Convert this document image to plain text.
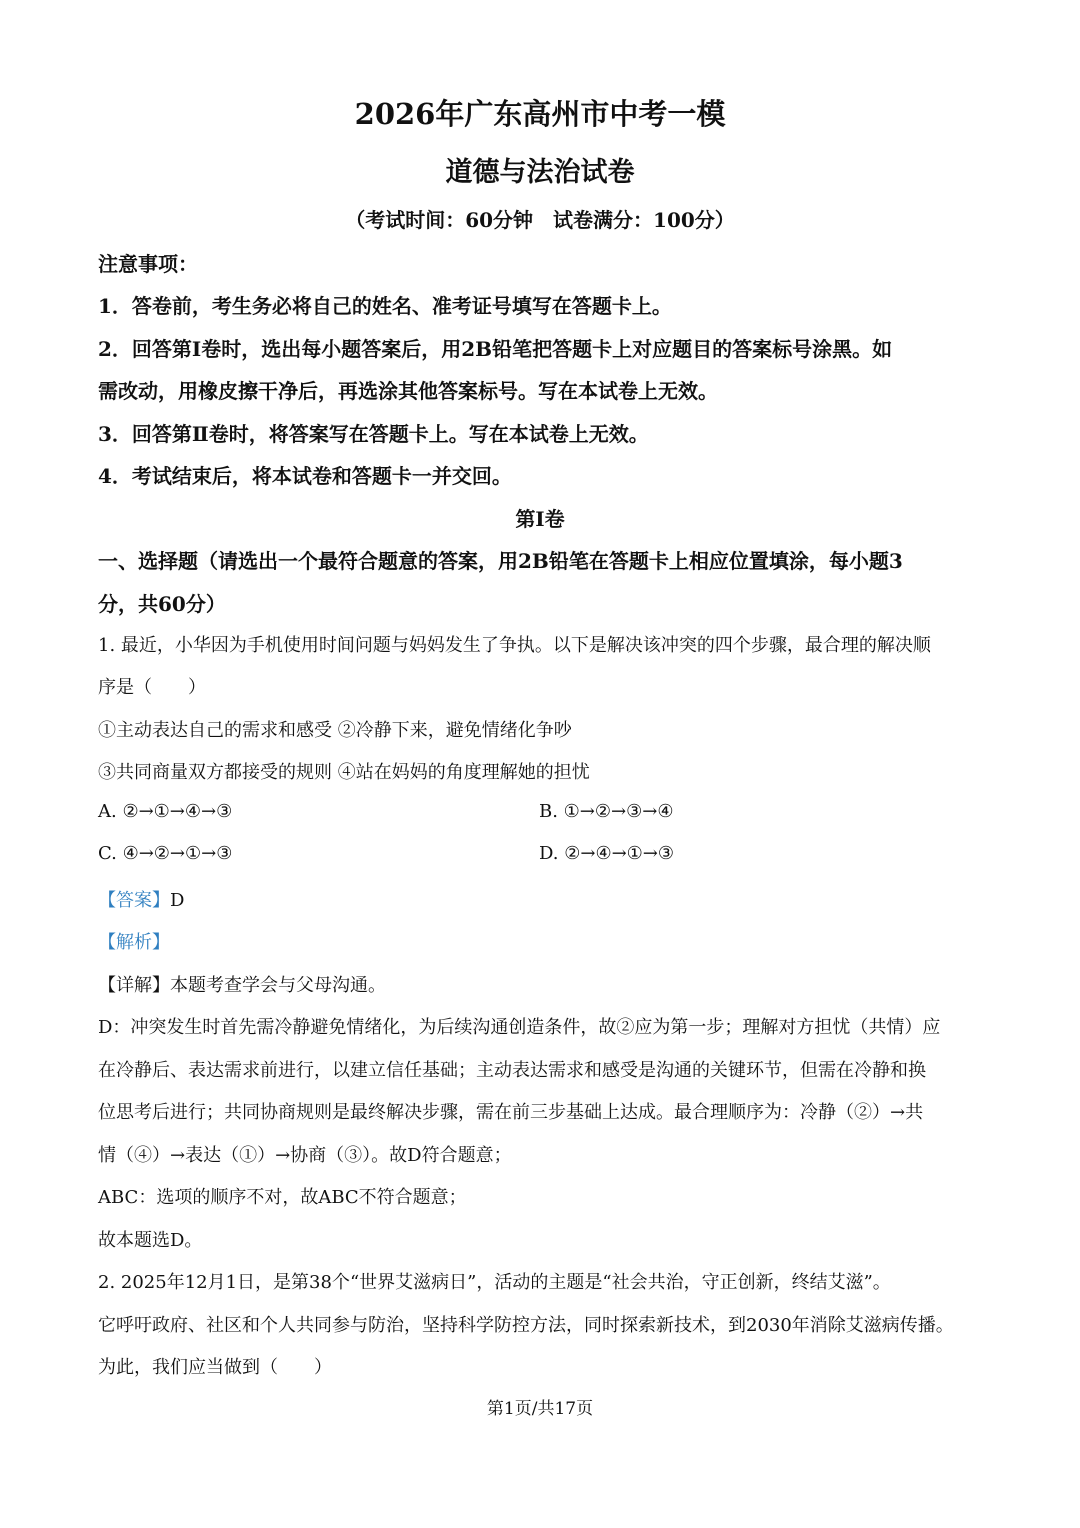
2026年广东高州市中考一模
道德与法治试卷
（考试时间：60分钟　试卷满分：100分）
注意事项：
1．答卷前，考生务必将自己的姓名、准考证号填写在答题卡上。
2．回答第Ⅰ卷时，选出每小题答案后，用2B铅笔把答题卡上对应题目的答案标号涂黑。如
需改动，用橡皮擦干净后，再选涂其他答案标号。写在本试卷上无效。
3．回答第Ⅱ卷时，将答案写在答题卡上。写在本试卷上无效。
4．考试结束后，将本试卷和答题卡一并交回。
第Ⅰ卷
一、选择题（请选出一个最符合题意的答案，用2B铅笔在答题卡上相应位置填涂，每小题3
分，共60分）
1. 最近，小华因为手机使用时间问题与妈妈发生了争执。以下是解决该冲突的四个步骤，最合理的解决顺
序是（　　）
①主动表达自己的需求和感受 ②冷静下来，避免情绪化争吵
③共同商量双方都接受的规则 ④站在妈妈的角度理解她的担忧
A. ②→①→④→③	B. ①→②→③→④
C. ④→②→①→③	D. ②→④→①→③
【答案】D
【解析】
【详解】本题考查学会与父母沟通。
D：冲突发生时首先需冷静避免情绪化，为后续沟通创造条件，故②应为第一步；理解对方担忧（共情）应
在冷静后、表达需求前进行，以建立信任基础；主动表达需求和感受是沟通的关键环节，但需在冷静和换
位思考后进行；共同协商规则是最终解决步骤，需在前三步基础上达成。最合理顺序为：冷静（②）→共
情（④）→表达（①）→协商（③）。故D符合题意；
ABC：选项的顺序不对，故ABC不符合题意；
故本题选D。
2. 2025年12月1日，是第38个“世界艾滋病日”，活动的主题是“社会共治，守正创新，终结艾滋”。
它呼吁政府、社区和个人共同参与防治，坚持科学防控方法，同时探索新技术，到2030年消除艾滋病传播。
为此，我们应当做到（　　）
第1页/共17页
